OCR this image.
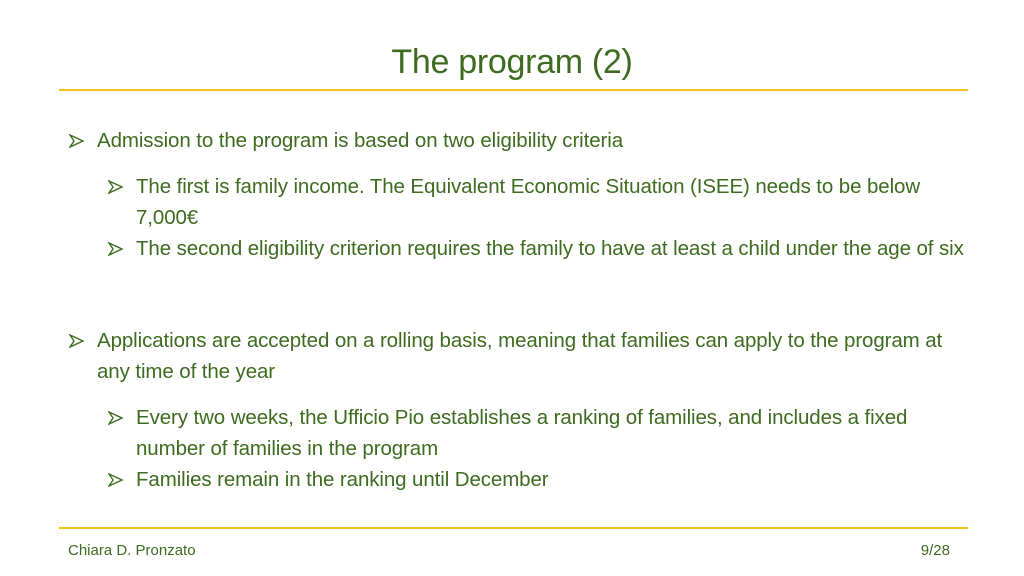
The program (2)
Admission to the program is based on two eligibility criteria
The first is family income. The Equivalent Economic Situation (ISEE) needs to be below 7,000€
The second eligibility criterion requires the family to have at least a child under the age of six
Applications are accepted on a rolling basis, meaning that families can apply to the program at any time of the year
Every two weeks, the Ufficio Pio establishes a ranking of families, and includes a fixed number of families in the program
Families remain in the ranking until December
Chiara D. Pronzato	9/28
